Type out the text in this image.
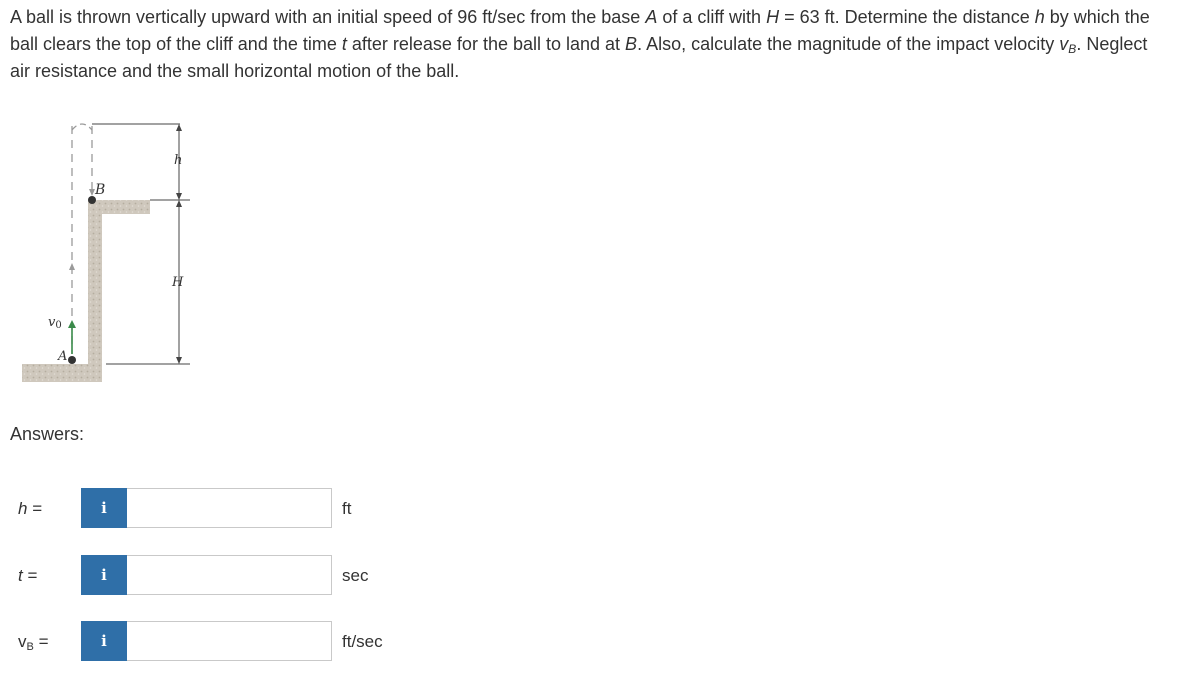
A ball is thrown vertically upward with an initial speed of 96 ft/sec from the base A of a cliff with H = 63 ft. Determine the distance h by which the ball clears the top of the cliff and the time t after release for the ball to land at B. Also, calculate the magnitude of the impact velocity $v_B$. Neglect air resistance and the small horizontal motion of the ball.
h
B
H
v0
A
Answers:
h =	i	ft
t =	i	sec
$v_B$ =	i	ft/sec
